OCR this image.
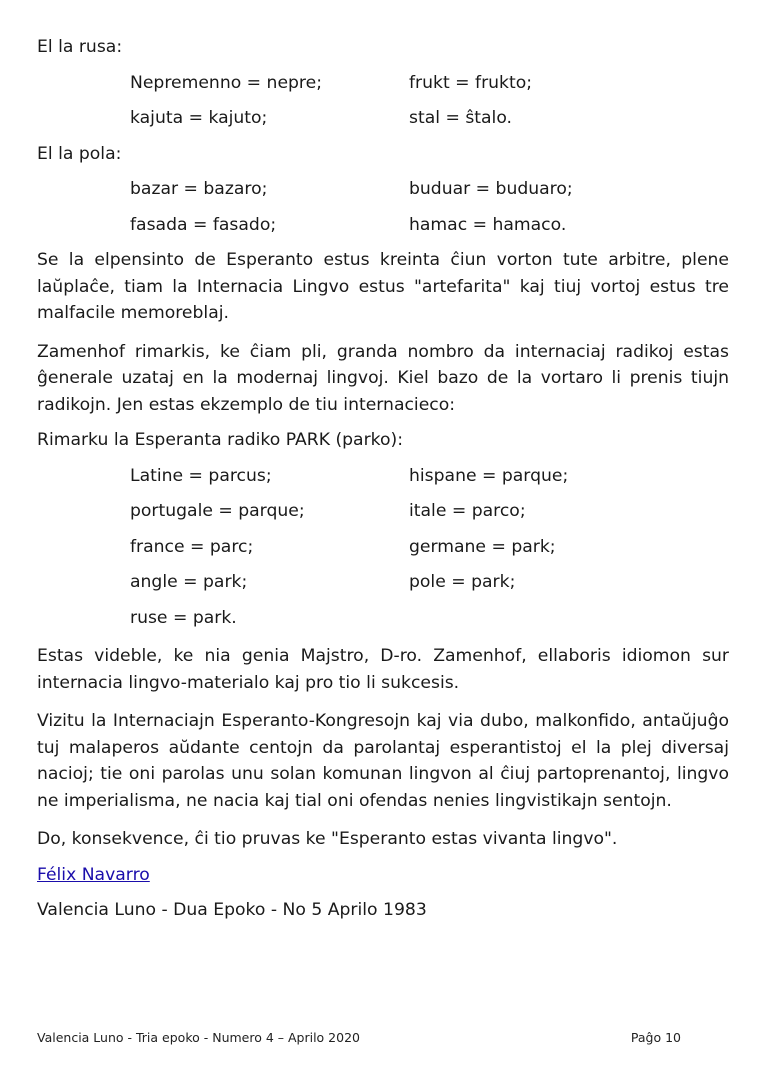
El la rusa:

Nepremenno = nepre;	frukt = frukto;
kajuta = kajuto;	stal = ŝtalo.

El la pola:

bazar = bazaro;	buduar = buduaro;
fasada = fasado;	hamac = hamaco.

Se la elpensinto de Esperanto estus kreinta ĉiun vorton tute arbitre, plene laŭplaĉe, tiam la Internacia Lingvo estus "artefarita" kaj tiuj vortoj estus tre malfacile memoreblaj.

Zamenhof rimarkis, ke ĉiam pli, granda nombro da internaciaj radikoj estas ĝenerale uzataj en la modernaj lingvoj. Kiel bazo de la vortaro li prenis tiujn radikojn. Jen estas ekzemplo de tiu internacieco:

Rimarku la Esperanta radiko PARK (parko):

Latine = parcus;	hispane = parque;
portugale = parque;	itale = parco;
france = parc;	germane = park;
angle = park;	pole = park;
ruse = park.

Estas videble, ke nia genia Majstro, D-ro. Zamenhof, ellaboris idiomon sur internacia lingvo-materialo kaj pro tio li sukcesis.

Vizitu la Internaciajn Esperanto-Kongresojn kaj via dubo, malkonfido, antaŭjuĝo tuj malaperos aŭdante centojn da parolantaj esperantistoj el la plej diversaj nacioj; tie oni parolas unu solan komunan lingvon al ĉiuj partoprenantoj, lingvo ne imperialisma, ne nacia kaj tial oni ofendas nenies lingvistikajn sentojn.

Do, konsekvence, ĉi tio pruvas ke "Esperanto estas vivanta lingvo".

Félix Navarro

Valencia Luno - Dua Epoko - No 5 Aprilo 1983

Valencia Luno - Tria epoko - Numero 4 – Aprilo 2020	Paĝo 10
